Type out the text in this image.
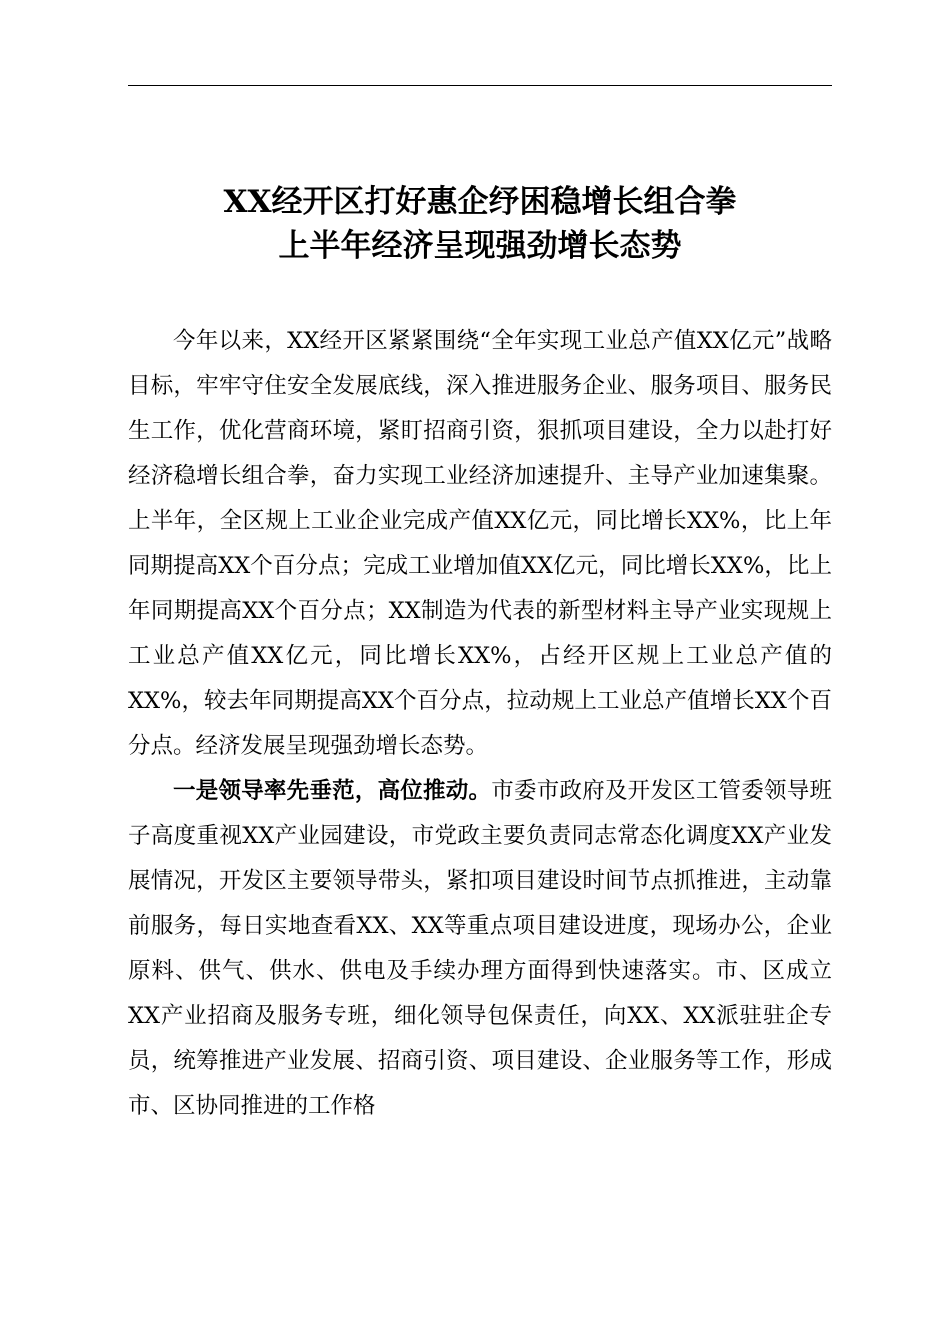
XX经开区打好惠企纾困稳增长组合拳
上半年经济呈现强劲增长态势

今年以来，XX经开区紧紧围绕“全年实现工业总产值XX亿元”战略目标，牢牢守住安全发展底线，深入推进服务企业、服务项目、服务民生工作，优化营商环境，紧盯招商引资，狠抓项目建设，全力以赴打好经济稳增长组合拳，奋力实现工业经济加速提升、主导产业加速集聚。上半年，全区规上工业企业完成产值XX亿元，同比增长XX%，比上年同期提高XX个百分点；完成工业增加值XX亿元，同比增长XX%，比上年同期提高XX个百分点；XX制造为代表的新型材料主导产业实现规上工业总产值XX亿元，同比增长XX%，占经开区规上工业总产值的XX%，较去年同期提高XX个百分点，拉动规上工业总产值增长XX个百分点。经济发展呈现强劲增长态势。

一是领导率先垂范，高位推动。市委市政府及开发区工管委领导班子高度重视XX产业园建设，市党政主要负责同志常态化调度XX产业发展情况，开发区主要领导带头，紧扣项目建设时间节点抓推进，主动靠前服务，每日实地查看XX、XX等重点项目建设进度，现场办公，企业原料、供气、供水、供电及手续办理方面得到快速落实。市、区成立XX产业招商及服务专班，细化领导包保责任，向XX、XX派驻驻企专员，统筹推进产业发展、招商引资、项目建设、企业服务等工作，形成市、区协同推进的工作格
